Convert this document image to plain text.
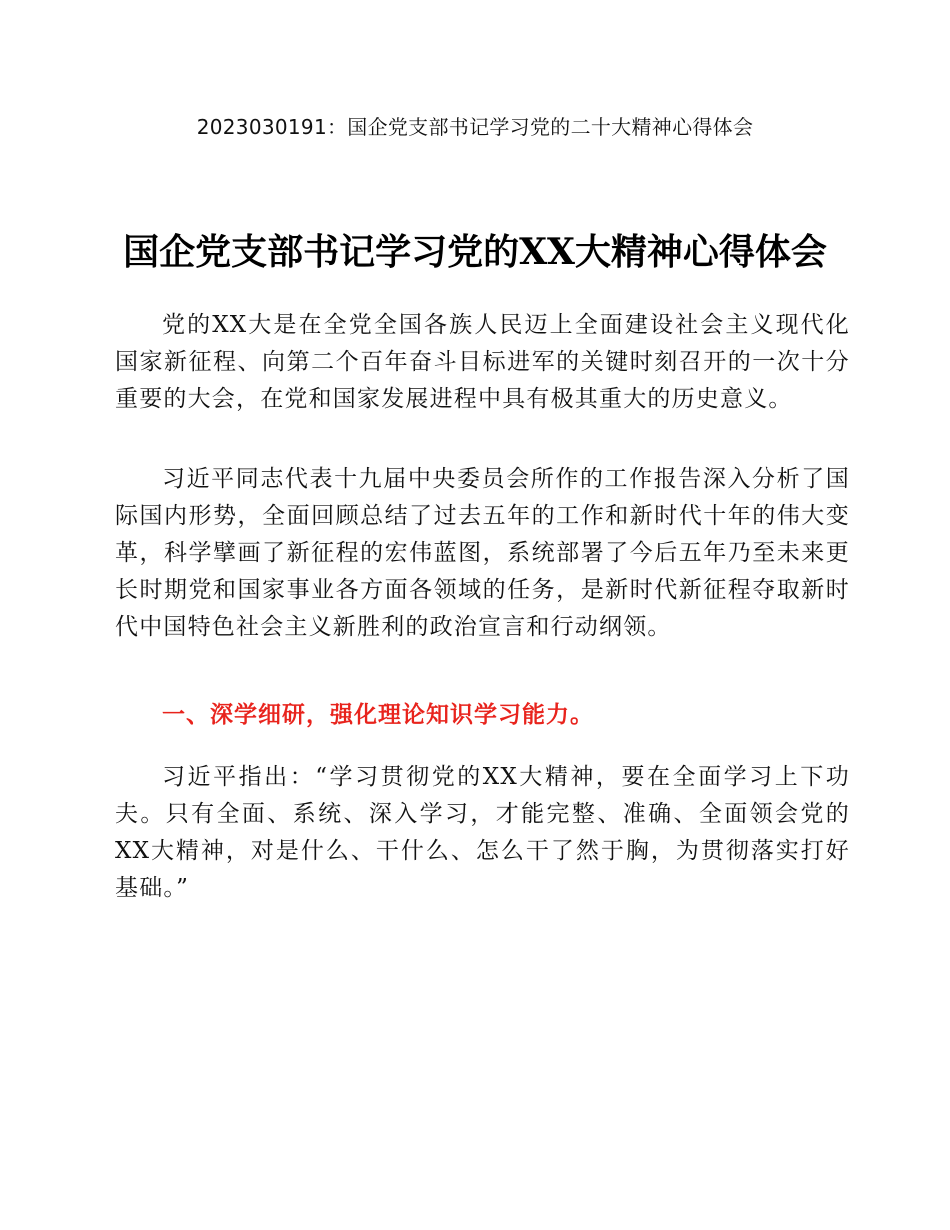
2023030191：国企党支部书记学习党的二十大精神心得体会
国企党支部书记学习党的XX大精神心得体会

党的XX大是在全党全国各族人民迈上全面建设社会主义现代化国家新征程、向第二个百年奋斗目标进军的关键时刻召开的一次十分重要的大会，在党和国家发展进程中具有极其重大的历史意义。

习近平同志代表十九届中央委员会所作的工作报告深入分析了国际国内形势，全面回顾总结了过去五年的工作和新时代十年的伟大变革，科学擘画了新征程的宏伟蓝图，系统部署了今后五年乃至未来更长时期党和国家事业各方面各领域的任务，是新时代新征程夺取新时代中国特色社会主义新胜利的政治宣言和行动纲领。

一、深学细研，强化理论知识学习能力。

习近平指出：“学习贯彻党的XX大精神，要在全面学习上下功夫。只有全面、系统、深入学习，才能完整、准确、全面领会党的XX大精神，对是什么、干什么、怎么干了然于胸，为贯彻落实打好基础。”
